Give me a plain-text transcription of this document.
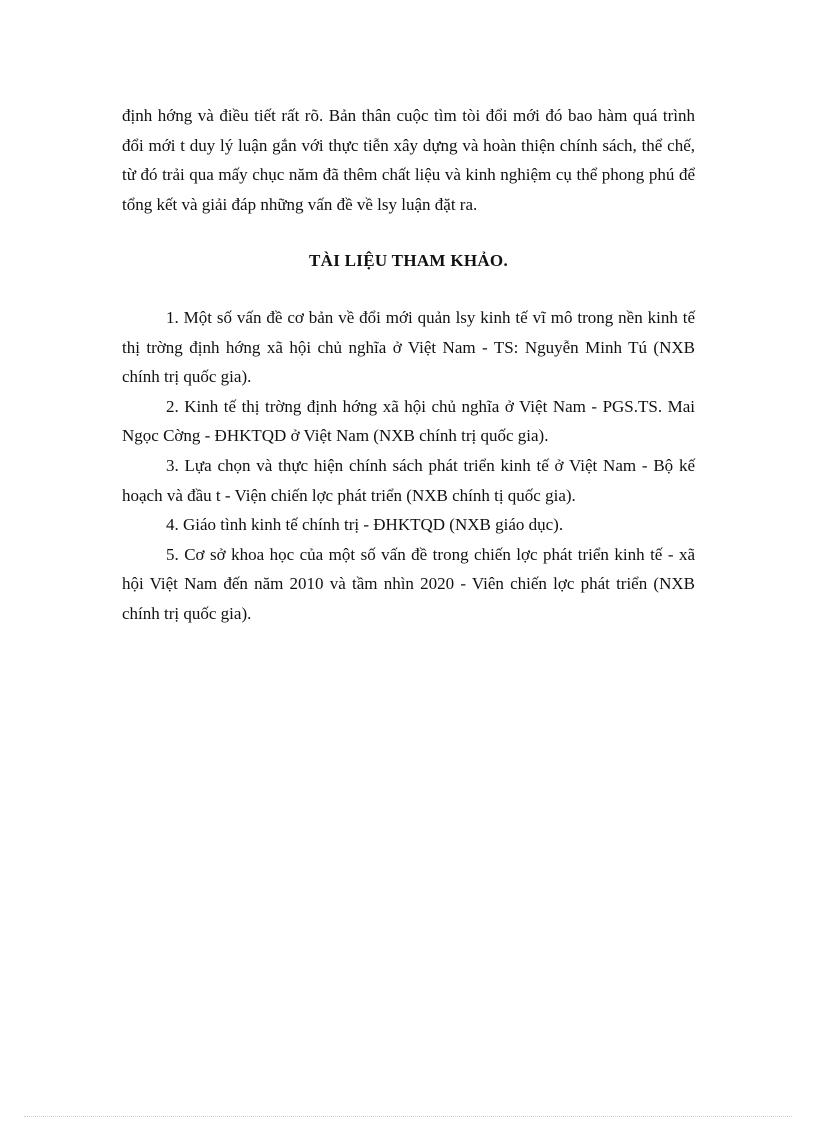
định hớng và điều tiết rất rõ. Bản thân cuộc tìm tòi đổi mới đó bao hàm quá trình đổi mới t duy lý luận gắn với thực tiễn xây dựng và hoàn thiện chính sách, thể chế, từ đó trải qua mấy chục năm đã thêm chất liệu và kinh nghiệm cụ thể phong phú để tổng kết và giải đáp những vấn đề về lsy luận đặt ra.

TÀI LIỆU THAM KHẢO.

1. Một số vấn đề cơ bản về đổi mới quản lsy kinh tế vĩ mô trong nền kinh tế thị trờng định hớng xã hội chủ nghĩa ở Việt Nam - TS: Nguyễn Minh Tú (NXB chính trị quốc gia).

2. Kinh tế thị trờng định hớng xã hội chủ nghĩa ở Việt Nam - PGS.TS. Mai Ngọc Cờng - ĐHKTQD ở Việt Nam (NXB chính trị quốc gia).

3. Lựa chọn và thực hiện chính sách phát triển kinh tế ở Việt Nam - Bộ kế hoạch và đầu t - Viện chiến lợc phát triển (NXB chính tị quốc gia).

4. Giáo tình kinh tế chính trị - ĐHKTQD (NXB giáo dục).

5. Cơ sở khoa học của một số vấn đề trong chiến lợc phát triển kinh tế - xã hội Việt Nam đến năm 2010 và tầm nhìn 2020 - Viên chiến lợc phát triển (NXB chính trị quốc gia).
